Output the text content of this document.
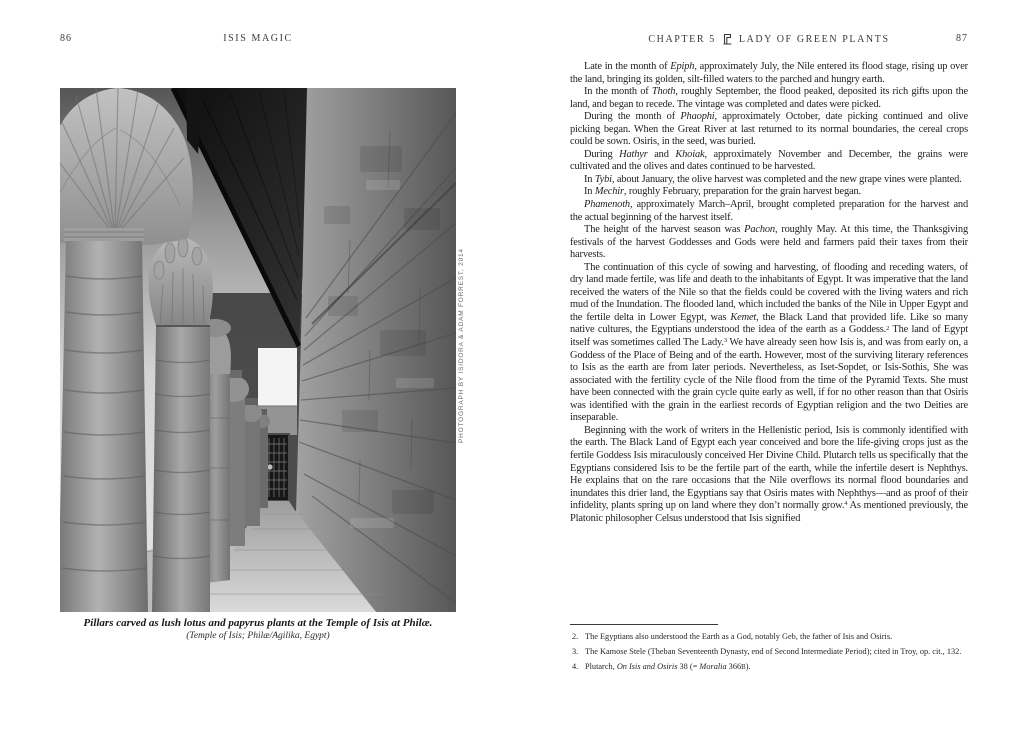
86	ISIS MAGIC
PHOTOGRAPH BY ISIDORA & ADAM FORREST, 2014
Pillars carved as lush lotus and papyrus plants at the Temple of Isis at Philæ.
(Temple of Isis; Philæ/Agilika, Egypt)
CHAPTER 5 LADY OF GREEN PLANTS	87

Late in the month of Epiph, approximately July, the Nile entered its flood stage, rising up over the land, bringing its golden, silt-filled waters to the parched and hungry earth.

In the month of Thoth, roughly September, the flood peaked, deposited its rich gifts upon the land, and began to recede. The vintage was completed and dates were picked.

During the month of Phaophi, approximately October, date picking continued and olive picking began. When the Great River at last returned to its normal boundaries, the cereal crops could be sown. Osiris, in the seed, was buried.

During Hathyr and Khoiak, approximately November and December, the grains were cultivated and the olives and dates continued to be harvested.

In Tybi, about January, the olive harvest was completed and the new grape vines were planted.

In Mechir, roughly February, preparation for the grain harvest began.

Phamenoth, approximately March–April, brought completed preparation for the harvest and the actual beginning of the harvest itself.

The height of the harvest season was Pachon, roughly May. At this time, the Thanksgiving festivals of the harvest Goddesses and Gods were held and farmers paid their taxes from their harvests.

The continuation of this cycle of sowing and harvesting, of flooding and receding waters, of dry land made fertile, was life and death to the inhabitants of Egypt. It was imperative that the land received the waters of the Nile so that the fields could be covered with the living waters and rich mud of the Inundation. The flooded land, which included the banks of the Nile in Upper Egypt and the fertile delta in Lower Egypt, was Kemet, the Black Land that provided life. Like so many native cultures, the Egyptians understood the idea of the earth as a Goddess.$^2$ The land of Egypt itself was sometimes called The Lady.$^3$ We have already seen how Isis is, and was from early on, a Goddess of the Place of Being and of the earth. However, most of the surviving literary references to Isis as the earth are from later periods. Nevertheless, as Iset-Sopdet, or Isis-Sothis, She was associated with the fertility cycle of the Nile flood from the time of the Pyramid Texts. She must have been connected with the grain cycle quite early as well, if for no other reason than that Osiris was identified with the grain in the earliest records of Egyptian religion and the two Deities are inseparable.

Beginning with the work of writers in the Hellenistic period, Isis is commonly identified with the earth. The Black Land of Egypt each year conceived and bore the life-giving crops just as the fertile Goddess Isis miraculously conceived Her Divine Child. Plutarch tells us specifically that the Egyptians considered Isis to be the fertile part of the earth, while the infertile desert is Nephthys. He explains that on the rare occasions that the Nile overflows its normal flood boundaries and inundates this drier land, the Egyptians say that Osiris mates with Nephthys—and as proof of their infidelity, plants spring up on land where they don’t normally grow.$^4$ As mentioned previously, the Platonic philosopher Celsus understood that Isis signified

2. The Egyptians also understood the Earth as a God, notably Geb, the father of Isis and Osiris.
3. The Kamose Stele (Theban Seventeenth Dynasty, end of Second Intermediate Period); cited in Troy, op. cit., 132.
4. Plutarch, On Isis and Osiris 38 (= Moralia 366B).
